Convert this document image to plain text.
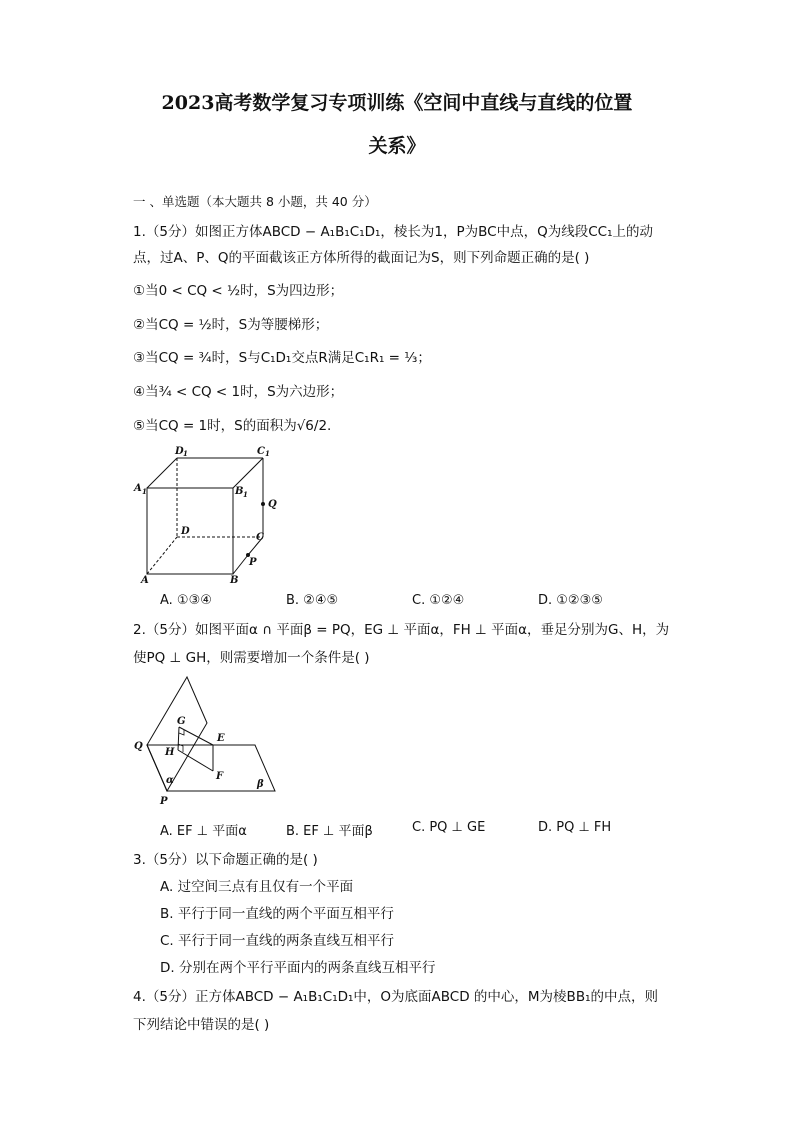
2023高考数学复习专项训练《空间中直线与直线的位置
关系》
一 、单选题（本大题共 8 小题，共 40 分）
1.（5分）如图正方体ABCD − A₁B₁C₁D₁，棱长为1，P为BC中点，Q为线段CC₁上的动
点，过A、P、Q的平面截该正方体所得的截面记为S，则下列命题正确的是( )
①当0 < CQ < ½时，S为四边形；
②当CQ = ½时，S为等腰梯形；
③当CQ = ¾时，S与C₁D₁交点R满足C₁R₁ = ⅓；
④当¾ < CQ < 1时，S为六边形；
⑤当CQ = 1时，S的面积为√6/2.
A 1
D 1	C 1
B 1
Q
D
C
P
A	B
A. ①③④	B. ②④⑤	C. ①②④	D. ①②③⑤
2.（5分）如图平面α ∩ 平面β = PQ，EG ⊥ 平面α，FH ⊥ 平面α，垂足分别为G、H，为
使PQ ⊥ GH，则需要增加一个条件是( )
G
H
E
F
Q
P
α	β
A. EF ⊥ 平面α	B. EF ⊥ 平面β	C. PQ ⊥ GE	D. PQ ⊥ FH
3.（5分）以下命题正确的是( )
A. 过空间三点有且仅有一个平面
B. 平行于同一直线的两个平面互相平行
C. 平行于同一直线的两条直线互相平行
D. 分别在两个平行平面内的两条直线互相平行
4.（5分）正方体ABCD − A₁B₁C₁D₁中，O为底面ABCD 的中心，M为棱BB₁的中点，则
下列结论中错误的是( )
